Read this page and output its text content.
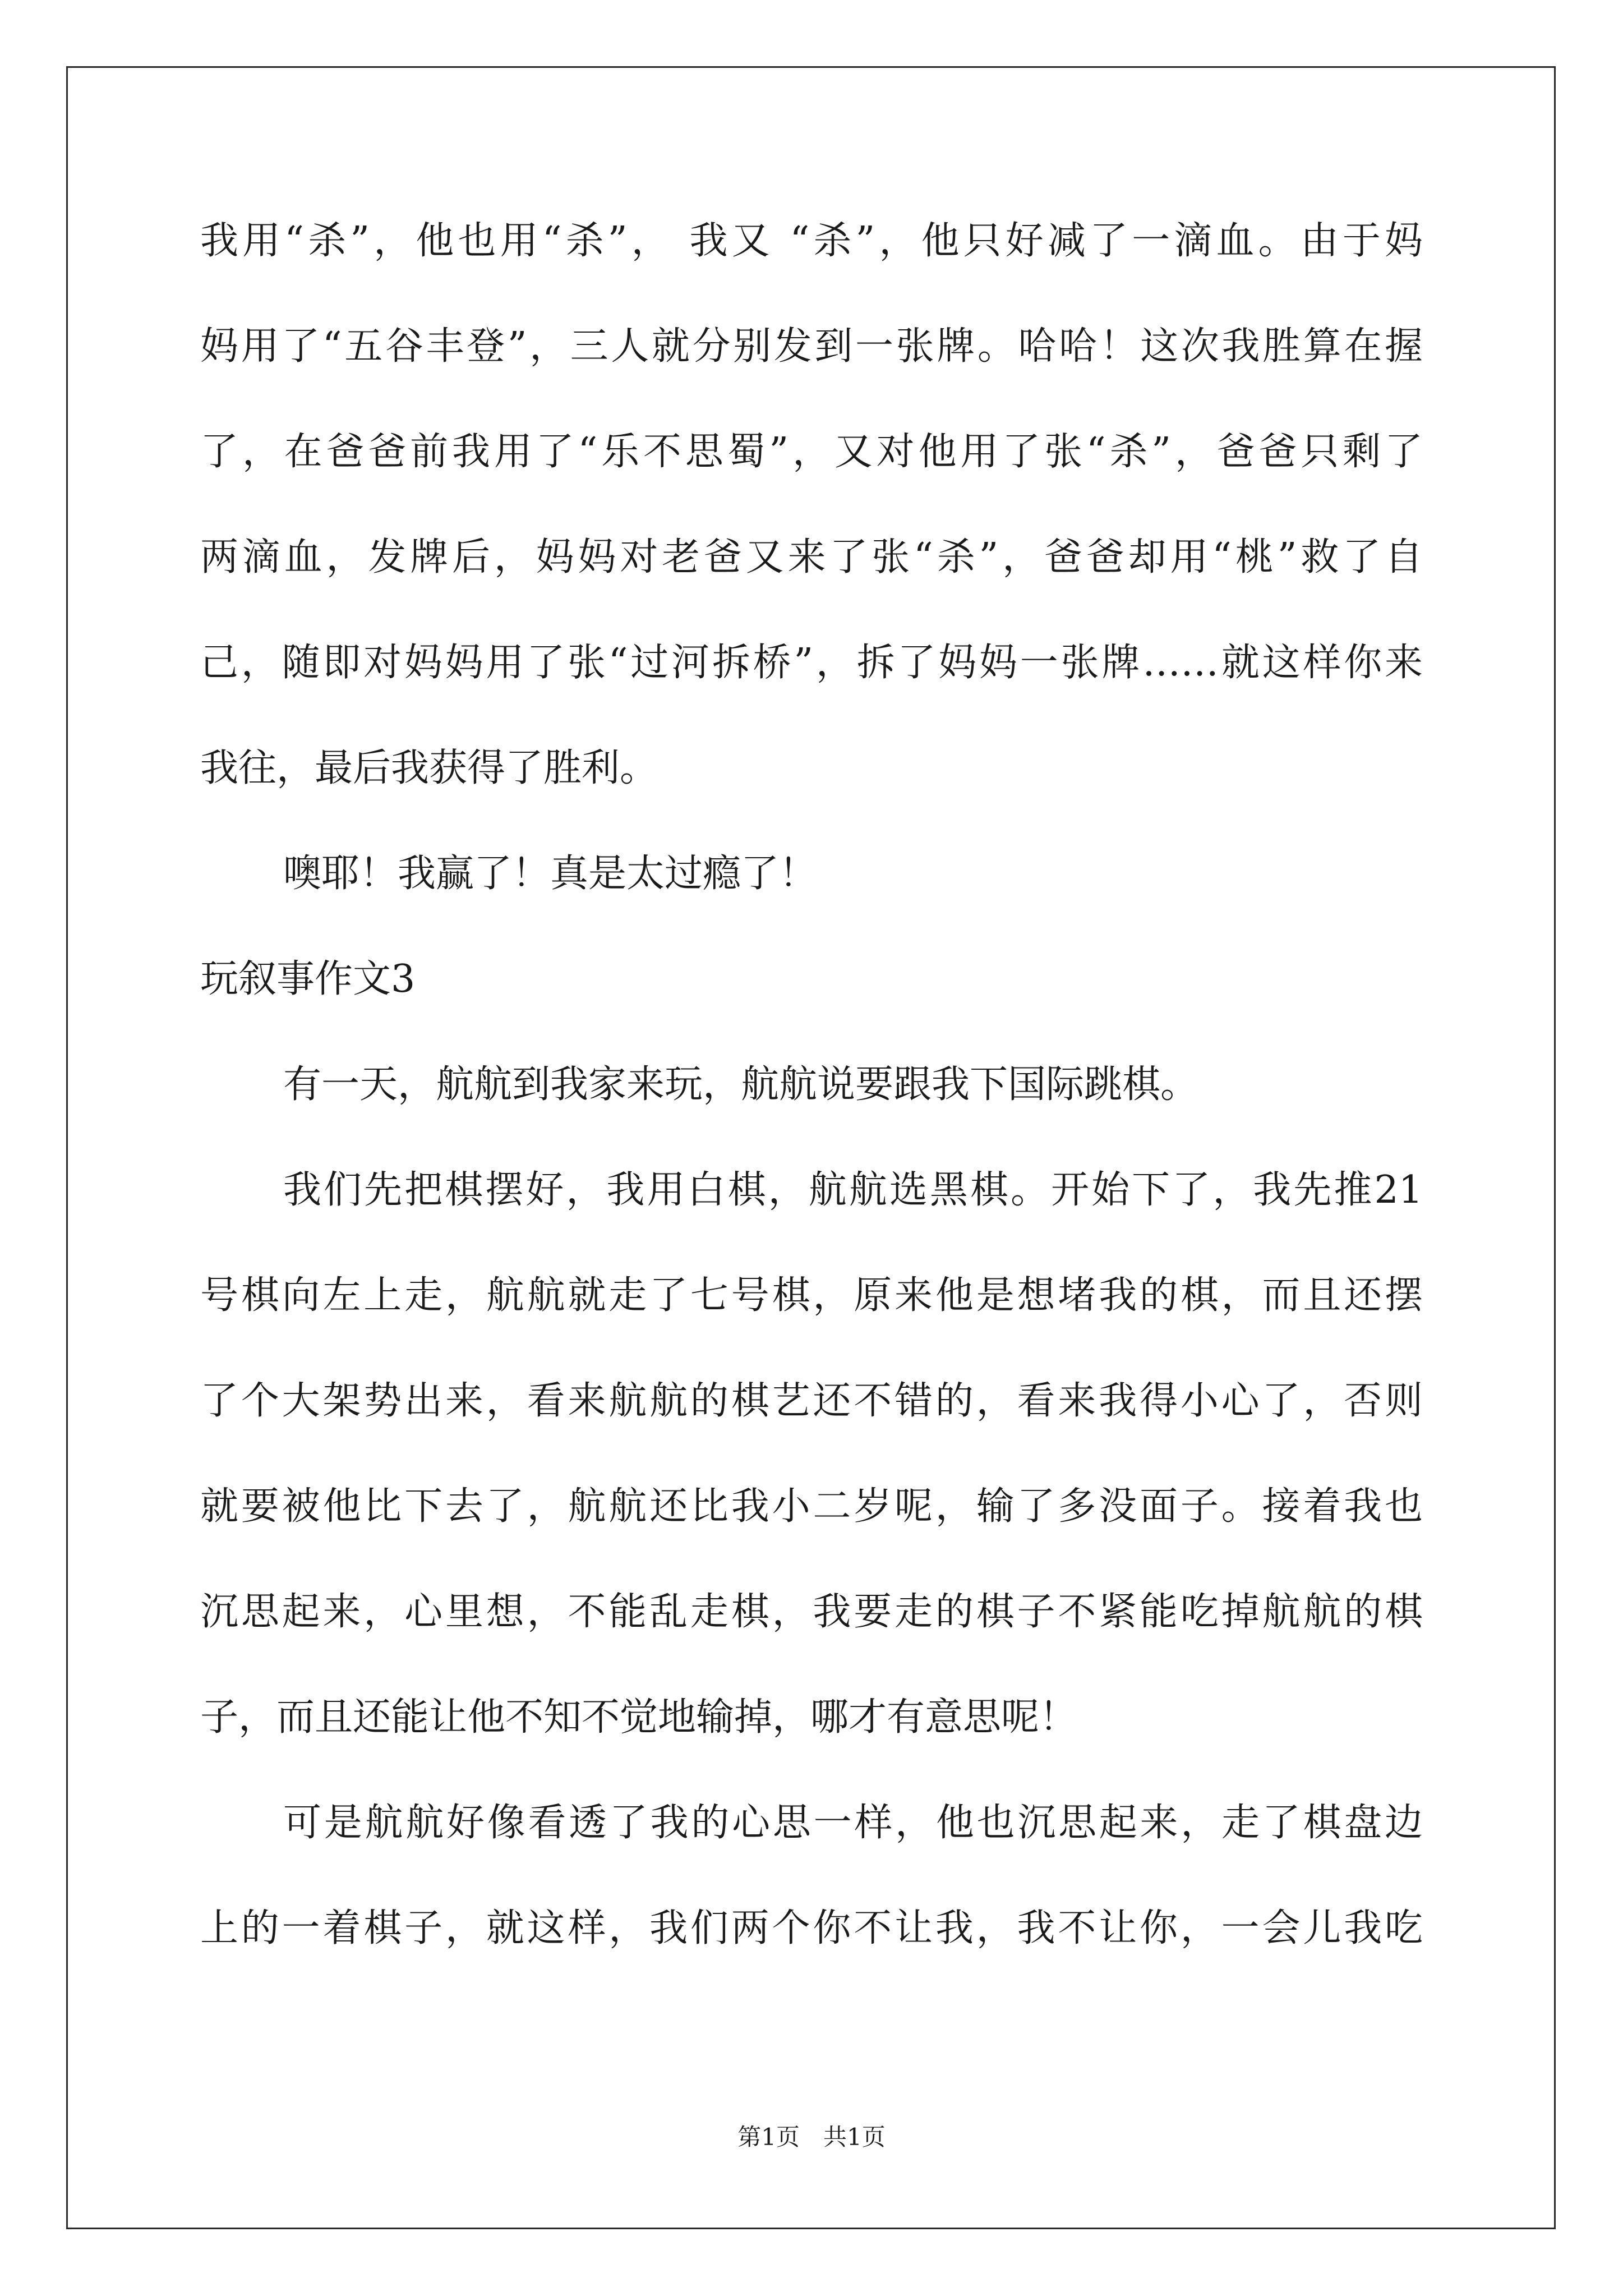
我用“杀”，他也用“杀”， 我又 “杀”，他只好减了一滴血。由于妈
妈用了“五谷丰登”，三人就分别发到一张牌。哈哈！这次我胜算在握
了，在爸爸前我用了“乐不思蜀”，又对他用了张“杀”，爸爸只剩了
两滴血，发牌后，妈妈对老爸又来了张“杀”，爸爸却用“桃”救了自
己，随即对妈妈用了张“过河拆桥”，拆了妈妈一张牌……就这样你来
我往，最后我获得了胜利。
噢耶！我赢了！真是太过瘾了！
玩叙事作文3
有一天，航航到我家来玩，航航说要跟我下国际跳棋。
我们先把棋摆好，我用白棋，航航选黑棋。开始下了，我先推21
号棋向左上走，航航就走了七号棋，原来他是想堵我的棋，而且还摆
了个大架势出来，看来航航的棋艺还不错的，看来我得小心了，否则
就要被他比下去了，航航还比我小二岁呢，输了多没面子。接着我也
沉思起来，心里想，不能乱走棋，我要走的棋子不紧能吃掉航航的棋
子，而且还能让他不知不觉地输掉，哪才有意思呢！
可是航航好像看透了我的心思一样，他也沉思起来，走了棋盘边
上的一着棋子，就这样，我们两个你不让我，我不让你，一会儿我吃
第1页　共1页
